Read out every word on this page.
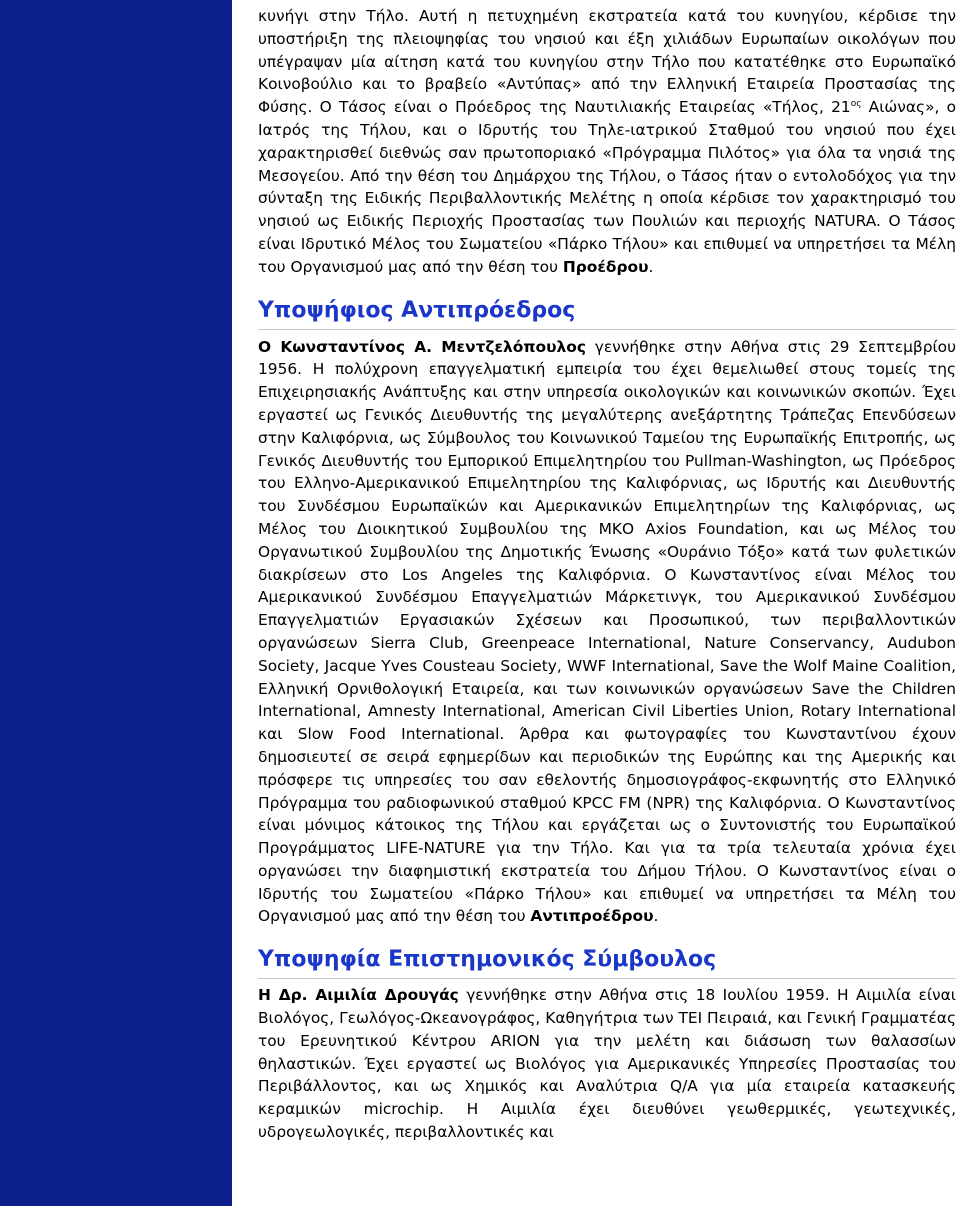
κυνήγι στην Τήλο. Αυτή η πετυχημένη εκστρατεία κατά του κυνηγίου, κέρδισε την υποστήριξη της πλειοψηφίας του νησιού και έξη χιλιάδων Ευρωπαίων οικολόγων που υπέγραψαν μία αίτηση κατά του κυνηγίου στην Τήλο που κατατέθηκε στο Ευρωπαϊκό Κοινοβούλιο και το βραβείο «Αντύπας» από την Ελληνική Εταιρεία Προστασίας της Φύσης. Ο Τάσος είναι ο Πρόεδρος της Ναυτιλιακής Εταιρείας «Τήλος, $21^{o\varsigma}$ Αιώνας», ο Ιατρός της Τήλου, και ο Ιδρυτής του Τηλε-ιατρικού Σταθμού του νησιού που έχει χαρακτηρισθεί διεθνώς σαν πρωτοποριακό «Πρόγραμμα Πιλότος» για όλα τα νησιά της Μεσογείου. Από την θέση του Δημάρχου της Τήλου, ο Τάσος ήταν ο εντολοδόχος για την σύνταξη της Ειδικής Περιβαλλοντικής Μελέτης η οποία κέρδισε τον χαρακτηρισμό του νησιού ως Ειδικής Περιοχής Προστασίας των Πουλιών και περιοχής NATURA. Ο Τάσος είναι Ιδρυτικό Μέλος του Σωματείου «Πάρκο Τήλου» και επιθυμεί να υπηρετήσει τα Μέλη του Οργανισμού μας από την θέση του Προέδρου.

Υποψήφιος Αντιπρόεδρος

Ο Κωνσταντίνος Α. Μεντζελόπουλος γεννήθηκε στην Αθήνα στις 29 Σεπτεμβρίου 1956. Η πολύχρονη επαγγελματική εμπειρία του έχει θεμελιωθεί στους τομείς της Επιχειρησιακής Ανάπτυξης και στην υπηρεσία οικολογικών και κοινωνικών σκοπών. Έχει εργαστεί ως Γενικός Διευθυντής της μεγαλύτερης ανεξάρτητης Τράπεζας Επενδύσεων στην Καλιφόρνια, ως Σύμβουλος του Κοινωνικού Ταμείου της Ευρωπαϊκής Επιτροπής, ως Γενικός Διευθυντής του Εμπορικού Επιμελητηρίου του Pullman-Washington, ως Πρόεδρος του Ελληνο-Αμερικανικού Επιμελητηρίου της Καλιφόρνιας, ως Ιδρυτής και Διευθυντής του Συνδέσμου Ευρωπαϊκών και Αμερικανικών Επιμελητηρίων της Καλιφόρνιας, ως Μέλος του Διοικητικού Συμβουλίου της ΜΚΟ Axios Foundation, και ως Μέλος του Οργανωτικού Συμβουλίου της Δημοτικής Ένωσης «Ουράνιο Τόξο» κατά των φυλετικών διακρίσεων στο Los Angeles της Καλιφόρνια. Ο Κωνσταντίνος είναι Μέλος του Αμερικανικού Συνδέσμου Επαγγελματιών Μάρκετινγκ, του Αμερικανικού Συνδέσμου Επαγγελματιών Εργασιακών Σχέσεων και Προσωπικού, των περιβαλλοντικών οργανώσεων Sierra Club, Greenpeace International, Nature Conservancy, Audubon Society, Jacque Yves Cousteau Society, WWF International, Save the Wolf Maine Coalition, Ελληνική Ορνιθολογική Εταιρεία, και των κοινωνικών οργανώσεων Save the Children International, Amnesty International, American Civil Liberties Union, Rotary International και Slow Food International. Άρθρα και φωτογραφίες του Κωνσταντίνου έχουν δημοσιευτεί σε σειρά εφημερίδων και περιοδικών της Ευρώπης και της Αμερικής και πρόσφερε τις υπηρεσίες του σαν εθελοντής δημοσιογράφος-εκφωνητής στο Ελληνικό Πρόγραμμα του ραδιοφωνικού σταθμού KPCC FM (NPR) της Καλιφόρνια. Ο Κωνσταντίνος είναι μόνιμος κάτοικος της Τήλου και εργάζεται ως ο Συντονιστής του Ευρωπαϊκού Προγράμματος LIFE-NATURE για την Τήλο. Και για τα τρία τελευταία χρόνια έχει οργανώσει την διαφημιστική εκστρατεία του Δήμου Τήλου. Ο Κωνσταντίνος είναι ο Ιδρυτής του Σωματείου «Πάρκο Τήλου» και επιθυμεί να υπηρετήσει τα Μέλη του Οργανισμού μας από την θέση του Αντιπροέδρου.

Υποψηφία Επιστημονικός Σύμβουλος

Η Δρ. Αιμιλία Δρουγάς γεννήθηκε στην Αθήνα στις 18 Ιουλίου 1959. Η Αιμιλία είναι Βιολόγος, Γεωλόγος-Ωκεανογράφος, Καθηγήτρια των ΤΕΙ Πειραιά, και Γενική Γραμματέας του Ερευνητικού Κέντρου ARION για την μελέτη και διάσωση των θαλασσίων θηλαστικών. Έχει εργαστεί ως Βιολόγος για Αμερικανικές Υπηρεσίες Προστασίας του Περιβάλλοντος, και ως Χημικός και Αναλύτρια Q/A για μία εταιρεία κατασκευής κεραμικών microchip. Η Αιμιλία έχει διευθύνει γεωθερμικές, γεωτεχνικές, υδρογεωλογικές, περιβαλλοντικές και
